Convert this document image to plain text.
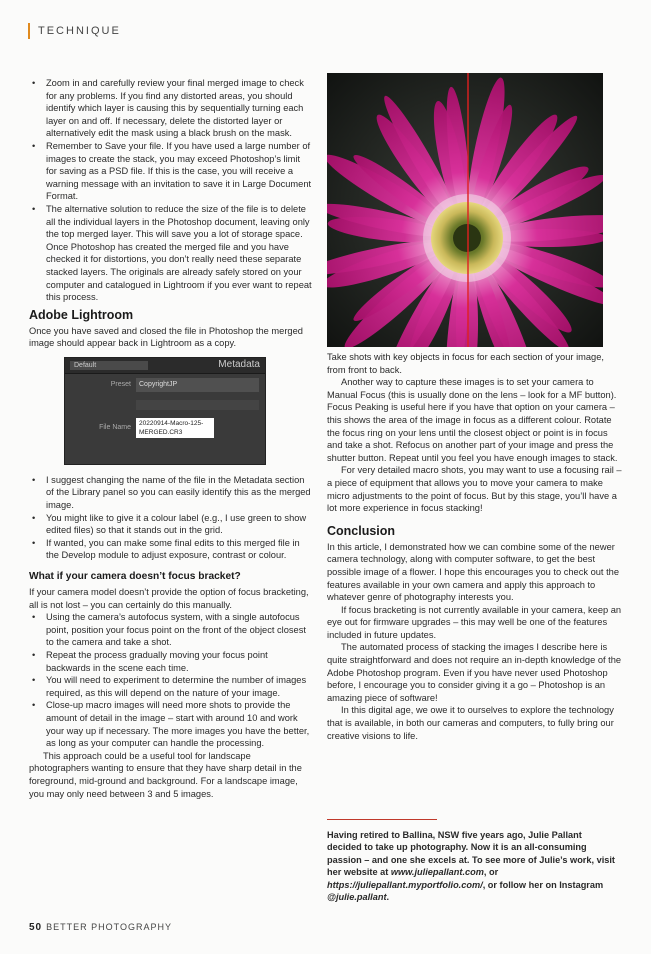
TECHNIQUE
• Zoom in and carefully review your final merged image to check for any problems. If you find any distorted areas, you should identify which layer is causing this by sequentially turning each layer on and off. If necessary, delete the distorted layer or alternatively edit the mask using a black brush on the mask.
• Remember to Save your file. If you have used a large number of images to create the stack, you may exceed Photoshop’s limit for saving as a PSD file. If this is the case, you will receive a warning message with an invitation to save it in Large Document Format.
• The alternative solution to reduce the size of the file is to delete all the individual layers in the Photoshop document, leaving only the top merged layer. This will save you a lot of storage space. Once Photoshop has created the merged file and you have checked it for distortions, you don’t really need these separate stacked layers. The originals are already safely stored on your computer and catalogued in Lightroom if you ever want to repeat this process.
Adobe Lightroom

Once you have saved and closed the file in Photoshop the merged image should appear back in Lightroom as a copy.

Default	Metadata
Preset	CopyrightJP
File Name
20220914-Macro-125-MERGED.CR3
• I suggest changing the name of the file in the Metadata section of the Library panel so you can easily identify this as the merged image.
• You might like to give it a colour label (e.g., I use green to show edited files) so that it stands out in the grid.
• If wanted, you can make some final edits to this merged file in the Develop module to adjust exposure, contrast or colour.
What if your camera doesn’t focus bracket?

If your camera model doesn’t provide the option of focus bracketing, all is not lost – you can certainly do this manually.

• Using the camera’s autofocus system, with a single autofocus point, position your focus point on the front of the object closest to the camera and take a shot.
• Repeat the process gradually moving your focus point backwards in the scene each time.
• You will need to experiment to determine the number of images required, as this will depend on the nature of your image.
• Close-up macro images will need more shots to provide the amount of detail in the image – start with around 10 and work your way up if necessary. The more images you have the better, as long as your computer can handle the processing.

This approach could be a useful tool for landscape photographers wanting to ensure that they have sharp detail in the foreground, mid-ground and background. For a landscape image, you may only need between 3 and 5 images.

Take shots with key objects in focus for each section of your image, from front to back.

Another way to capture these images is to set your camera to Manual Focus (this is usually done on the lens – look for a MF button). Focus Peaking is useful here if you have that option on your camera – this shows the area of the image in focus as a different colour. Rotate the focus ring on your lens until the closest object or point is in focus and take a shot. Refocus on another part of your image and press the shutter button. Repeat until you feel you have enough images to stack.

For very detailed macro shots, you may want to use a focusing rail – a piece of equipment that allows you to move your camera to make micro adjustments to the point of focus. But by this stage, you’ll have a lot more experience in focus stacking!

Conclusion

In this article, I demonstrated how we can combine some of the newer camera technology, along with computer software, to get the best possible image of a flower. I hope this encourages you to check out the features available in your own camera and apply this approach to whatever genre of photography interests you.

If focus bracketing is not currently available in your camera, keep an eye out for firmware upgrades – this may well be one of the features included in future updates.

The automated process of stacking the images I describe here is quite straightforward and does not require an in-depth knowledge of the Adobe Photoshop program. Even if you have never used Photoshop before, I encourage you to consider giving it a go – Photoshop is an amazing piece of software!

In this digital age, we owe it to ourselves to explore the technology that is available, in both our cameras and computers, to fully bring our creative visions to life.

Having retired to Ballina, NSW five years ago, Julie Pallant decided to take up photography. Now it is an all-consuming passion – and one she excels at. To see more of Julie’s work, visit her website at www.juliepallant.com, or https://juliepallant.myportfolio.com/, or follow her on Instagram @julie.pallant.
50 BETTER PHOTOGRAPHY
